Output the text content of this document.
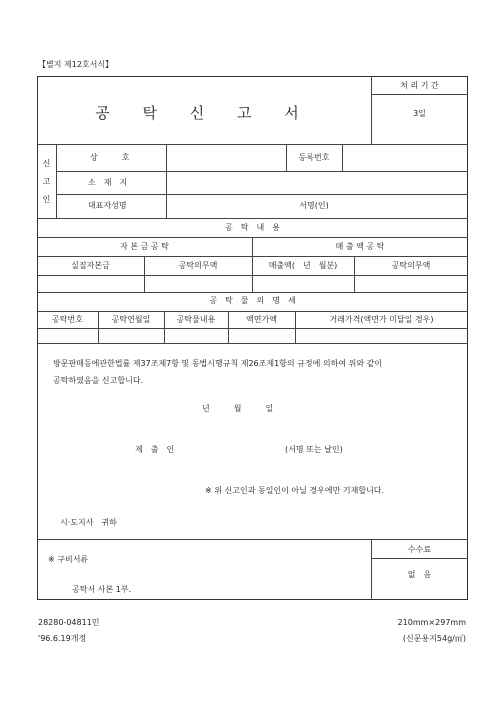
【별지 제12호서식】
공 탁 신 고 서
처 리 기 간
3일
신
고
인
상　　　호	등록번호
소　재　지
대표자성명	서명(인)
공　탁　내　용
자 본 금 공 탁	매 출 액 공 탁
실질자본금	공탁의무액	매출액(　년　월분)	공탁의무액
공　탁　물　의　명　세
공탁번호	공탁연월일	공탁물내용	액면가액	거래가격(액면가 미달일 경우)
방문판매등에관한법률 제37조제7항 및 동법시행규칙 제26조제1항의 규정에 의하여 위와 같이
공탁하였음을 신고합니다.
년　　　월　　　일
제　출　인	(서명 또는 날인)
※ 위 신고인과 동일인이 아닐 경우에만 기재합니다.
시·도지사　귀하
※ 구비서류
공탁서 사본 1부.
수수료
없　음
28280-04811민
'96.6.19개정
210mm×297mm
(신문용지54g/㎡)
